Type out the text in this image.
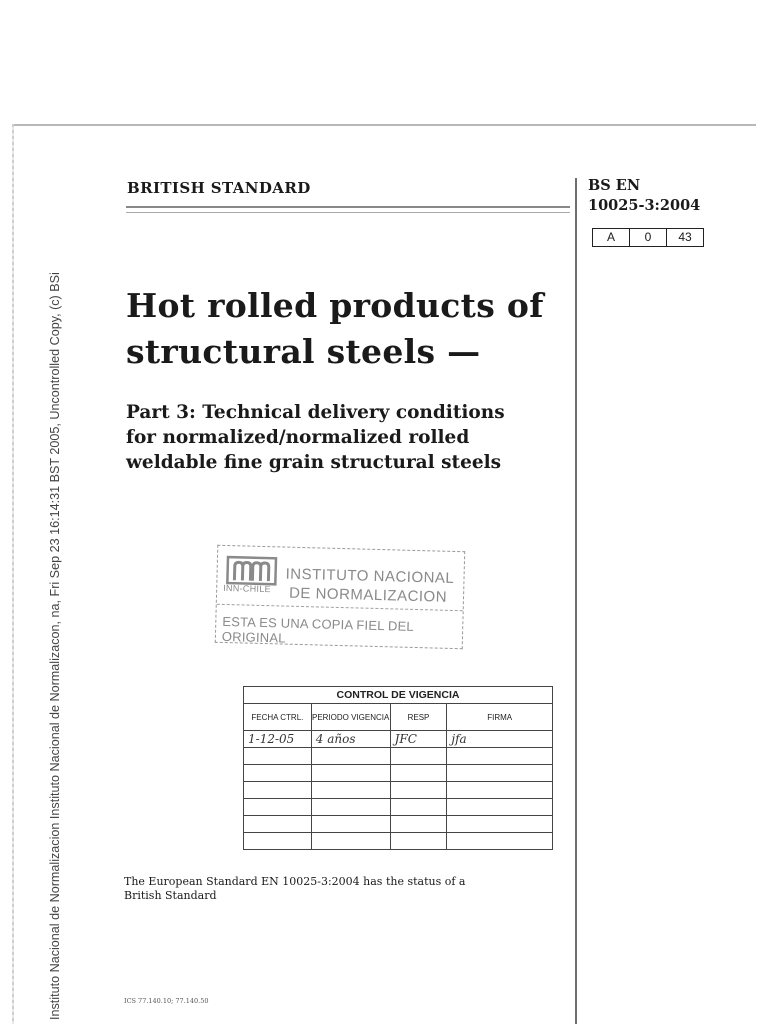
Instituto Nacional de Normalizacion Instituto Nacional de Normalizacon, na, Fri Sep 23 16:14:31 BST 2005, Uncontrolled Copy, (c) BSi
BRITISH STANDARD	BS EN
10025-3:2004
A	0	43
Hot rolled products of
structural steels —
Part 3: Technical delivery conditions
for normalized/normalized rolled
weldable fine grain structural steels
INN-CHILE
INSTITUTO NACIONAL
DE NORMALIZACION
ESTA ES UNA COPIA FIEL DEL ORIGINAL
CONTROL DE VIGENCIA			
FECHA CTRL.	PERIODO VIGENCIA	RESP	FIRMA
1-12-05	4 años	JFC	jfa

The European Standard EN 10025-3:2004 has the status of a British Standard
ICS 77.140.10; 77.140.50
